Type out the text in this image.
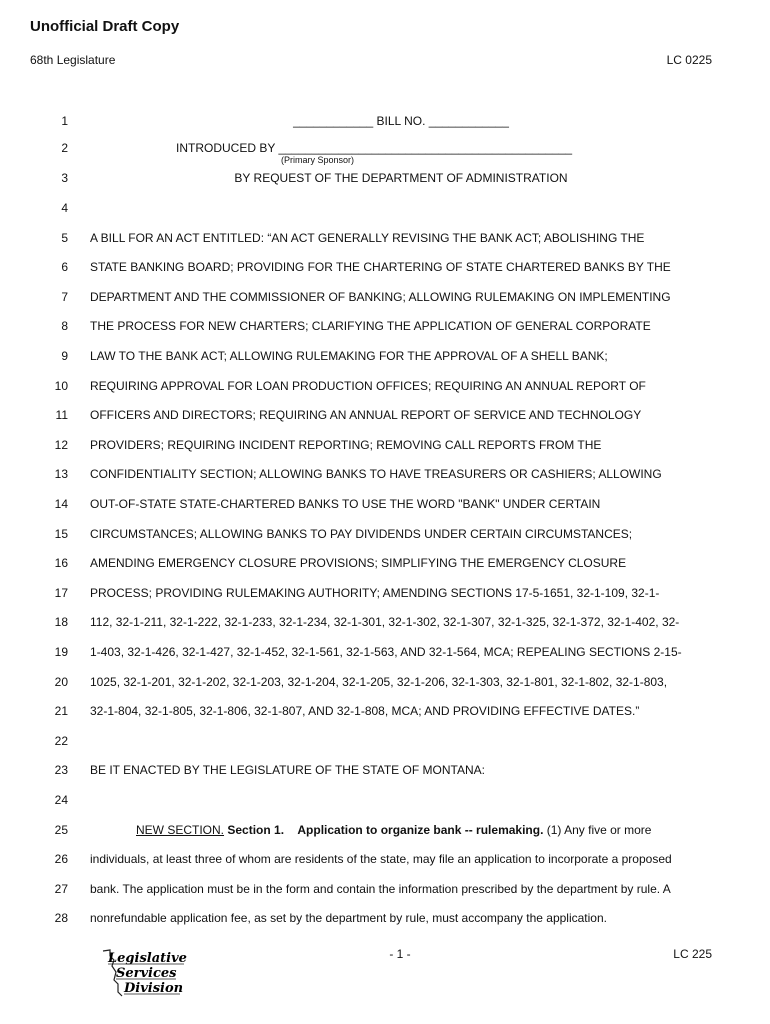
Unofficial Draft Copy
68th Legislature	LC 0225
1	____________ BILL NO. ____________
2	INTRODUCED BY ____________________________________________
3	BY REQUEST OF THE DEPARTMENT OF ADMINISTRATION
4
5 A BILL FOR AN ACT ENTITLED: “AN ACT GENERALLY REVISING THE BANK ACT; ABOLISHING THE
6 STATE BANKING BOARD; PROVIDING FOR THE CHARTERING OF STATE CHARTERED BANKS BY THE
7 DEPARTMENT AND THE COMMISSIONER OF BANKING; ALLOWING RULEMAKING ON IMPLEMENTING
8 THE PROCESS FOR NEW CHARTERS; CLARIFYING THE APPLICATION OF GENERAL CORPORATE
9 LAW TO THE BANK ACT; ALLOWING RULEMAKING FOR THE APPROVAL OF A SHELL BANK;
10 REQUIRING APPROVAL FOR LOAN PRODUCTION OFFICES; REQUIRING AN ANNUAL REPORT OF
11 OFFICERS AND DIRECTORS; REQUIRING AN ANNUAL REPORT OF SERVICE AND TECHNOLOGY
12 PROVIDERS; REQUIRING INCIDENT REPORTING; REMOVING CALL REPORTS FROM THE
13 CONFIDENTIALITY SECTION; ALLOWING BANKS TO HAVE TREASURERS OR CASHIERS; ALLOWING
14 OUT-OF-STATE STATE-CHARTERED BANKS TO USE THE WORD "BANK" UNDER CERTAIN
15 CIRCUMSTANCES; ALLOWING BANKS TO PAY DIVIDENDS UNDER CERTAIN CIRCUMSTANCES;
16 AMENDING EMERGENCY CLOSURE PROVISIONS; SIMPLIFYING THE EMERGENCY CLOSURE
17 PROCESS; PROVIDING RULEMAKING AUTHORITY; AMENDING SECTIONS 17-5-1651, 32-1-109, 32-1-
18 112, 32-1-211, 32-1-222, 32-1-233, 32-1-234, 32-1-301, 32-1-302, 32-1-307, 32-1-325, 32-1-372, 32-1-402, 32-
19 1-403, 32-1-426, 32-1-427, 32-1-452, 32-1-561, 32-1-563, AND 32-1-564, MCA; REPEALING SECTIONS 2-15-
20 1025, 32-1-201, 32-1-202, 32-1-203, 32-1-204, 32-1-205, 32-1-206, 32-1-303, 32-1-801, 32-1-802, 32-1-803,
21 32-1-804, 32-1-805, 32-1-806, 32-1-807, AND 32-1-808, MCA; AND PROVIDING EFFECTIVE DATES.”
22
23 BE IT ENACTED BY THE LEGISLATURE OF THE STATE OF MONTANA:
24
25	NEW SECTION. Section 1. Application to organize bank -- rulemaking. (1) Any five or more
26 individuals, at least three of whom are residents of the state, may file an application to incorporate a proposed
27 bank. The application must be in the form and contain the information prescribed by the department by rule. A
28 nonrefundable application fee, as set by the department by rule, must accompany the application.
(Primary Sponsor)
- 1 -	LC 225
Legislative
Services
Division
